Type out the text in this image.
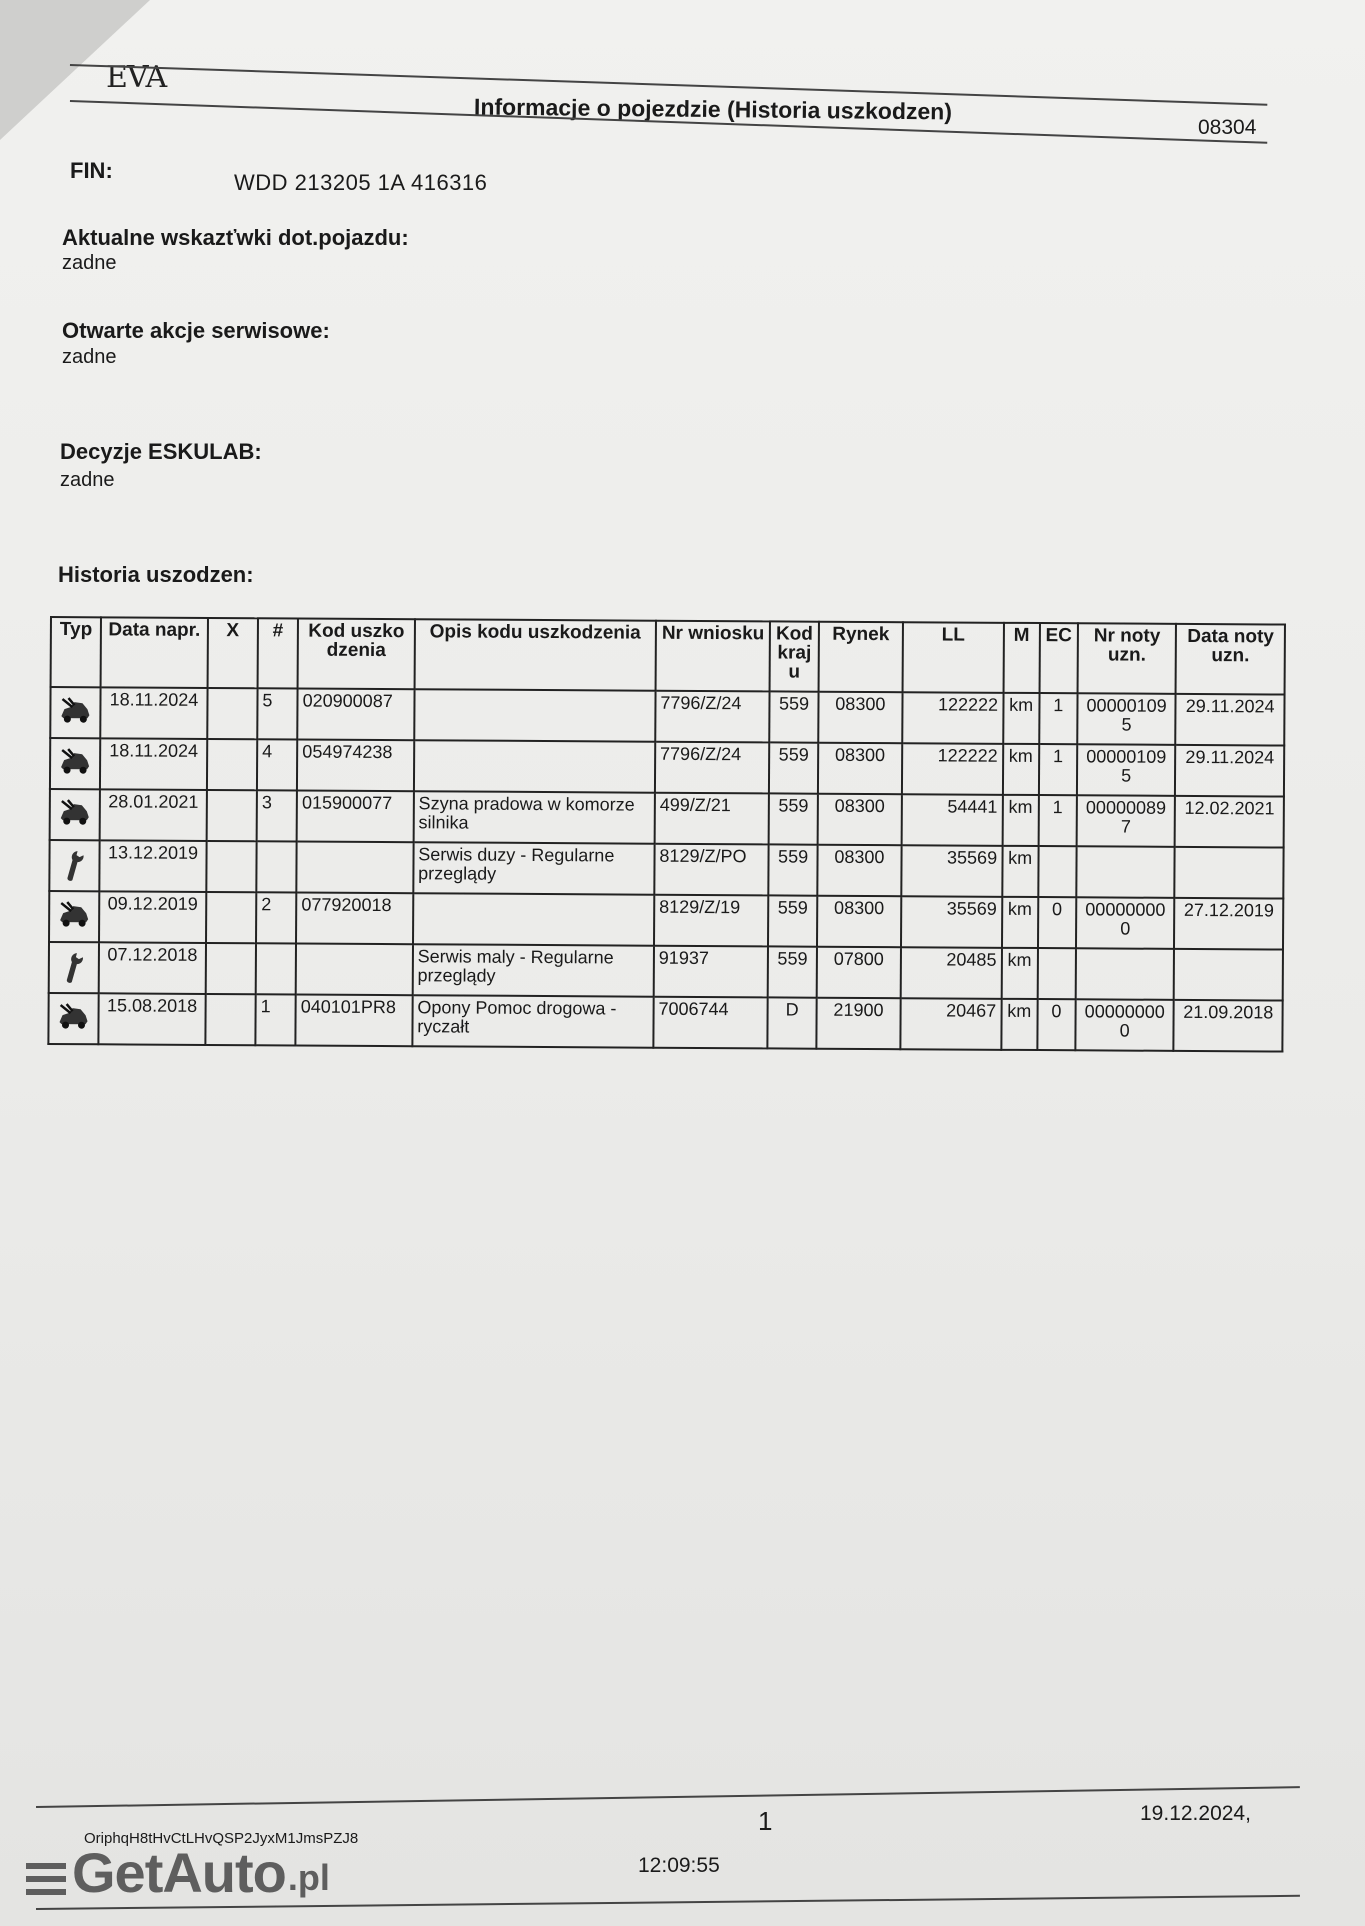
EVA
Informacje o pojezdzie (Historia uszkodzen)
08304
FIN:	WDD 213205 1A 416316
Aktualne wskazťwki dot.pojazdu:
zadne
Otwarte akcje serwisowe:
zadne
Decyzje ESKULAB:
zadne
Historia uszodzen:
Typ	Data napr.	X	#	Kod uszkodzenia	Opis kodu uszkodzenia	Nr wniosku	Kod kraju	Rynek	LL	M	EC	Nr noty uzn.	Data noty uzn.

	18.11.2024		5	020900087		7796/Z/24	559	08300	122222	km	1	000001095	29.11.2024

	18.11.2024		4	054974238		7796/Z/24	559	08300	122222	km	1	000001095	29.11.2024

	28.01.2021		3	015900077	Szyna pradowa w komorze silnika	499/Z/21	559	08300	54441	km	1	000000897	12.02.2021

	13.12.2019				Serwis duzy - Regularne przeglądy	8129/Z/PO	559	08300	35569	km			

	09.12.2019		2	077920018		8129/Z/19	559	08300	35569	km	0	000000000	27.12.2019

	07.12.2018				Serwis maly - Regularne przeglądy	91937	559	07800	20485	km			

	15.08.2018		1	040101PR8	Opony Pomoc drogowa - ryczałt	7006744	D	21900	20467	km	0	000000000	21.09.2018
OriphqH8tHvCtLHvQSP2JyxM1JmsPZJ8
1	19.12.2024,
12:09:55
GetAuto .pl
